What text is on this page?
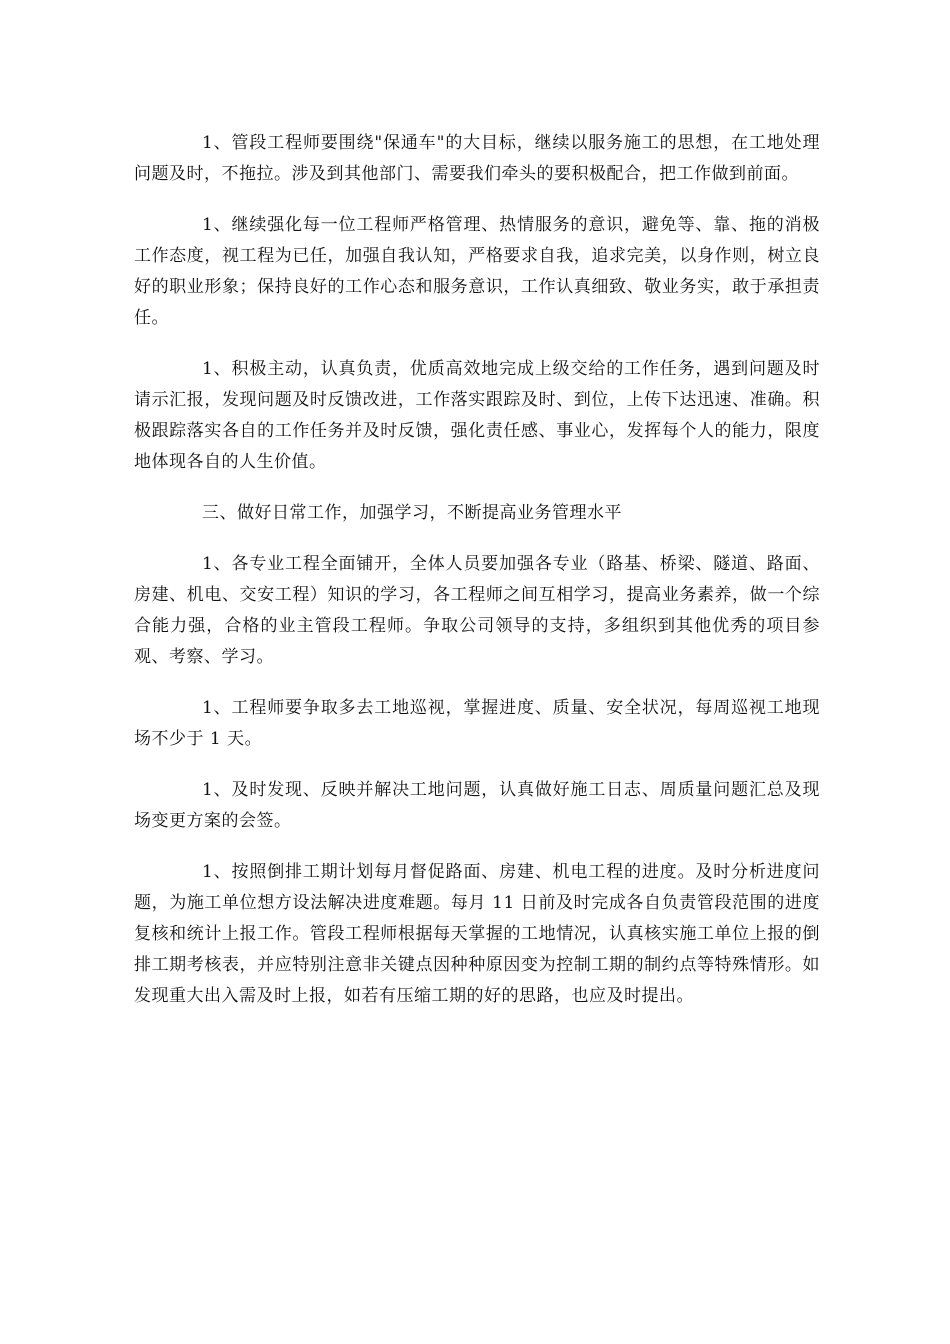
1、管段工程师要围绕"保通车"的大目标，继续以服务施工的思想，在工地处理问题及时，不拖拉。涉及到其他部门、需要我们牵头的要积极配合，把工作做到前面。

1、继续强化每一位工程师严格管理、热情服务的意识，避免等、靠、拖的消极工作态度，视工程为已任，加强自我认知，严格要求自我，追求完美，以身作则，树立良好的职业形象；保持良好的工作心态和服务意识，工作认真细致、敬业务实，敢于承担责任。

1、积极主动，认真负责，优质高效地完成上级交给的工作任务，遇到问题及时请示汇报，发现问题及时反馈改进，工作落实跟踪及时、到位，上传下达迅速、准确。积极跟踪落实各自的工作任务并及时反馈，强化责任感、事业心，发挥每个人的能力，限度地体现各自的人生价值。

三、做好日常工作，加强学习，不断提高业务管理水平

1、各专业工程全面铺开，全体人员要加强各专业（路基、桥梁、隧道、路面、房建、机电、交安工程）知识的学习，各工程师之间互相学习，提高业务素养，做一个综合能力强，合格的业主管段工程师。争取公司领导的支持，多组织到其他优秀的项目参观、考察、学习。

1、工程师要争取多去工地巡视，掌握进度、质量、安全状况，每周巡视工地现场不少于 1 天。

1、及时发现、反映并解决工地问题，认真做好施工日志、周质量问题汇总及现场变更方案的会签。

1、按照倒排工期计划每月督促路面、房建、机电工程的进度。及时分析进度问题，为施工单位想方设法解决进度难题。每月 11 日前及时完成各自负责管段范围的进度复核和统计上报工作。管段工程师根据每天掌握的工地情况，认真核实施工单位上报的倒排工期考核表，并应特别注意非关键点因种种原因变为控制工期的制约点等特殊情形。如发现重大出入需及时上报，如若有压缩工期的好的思路，也应及时提出。
